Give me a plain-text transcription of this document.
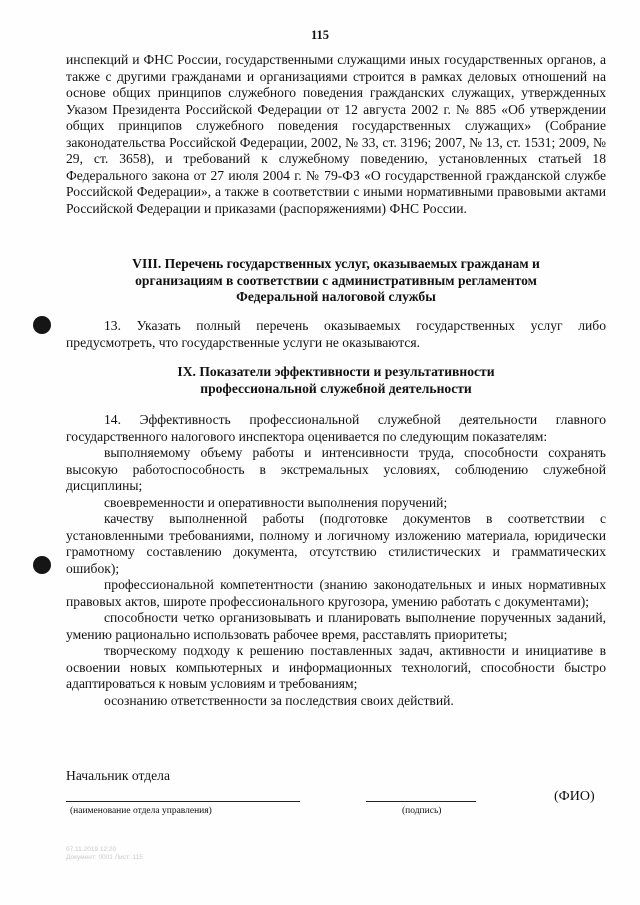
115

инспекций и ФНС России, государственными служащими иных государственных органов, а также с другими гражданами и организациями строится в рамках деловых отношений на основе общих принципов служебного поведения гражданских служащих, утвержденных Указом Президента Российской Федерации от 12 августа 2002 г. № 885 «Об утверждении общих принципов служебного поведения государственных служащих» (Собрание законодательства Российской Федерации, 2002, № 33, ст. 3196; 2007, № 13, ст. 1531; 2009, № 29, ст. 3658), и требований к служебному поведению, установленных статьей 18 Федерального закона от 27 июля 2004 г. № 79-ФЗ «О государственной гражданской службе Российской Федерации», а также в соответствии с иными нормативными правовыми актами Российской Федерации и приказами (распоряжениями) ФНС России.

VIII. Перечень государственных услуг, оказываемых гражданам и
организациям в соответствии с административным регламентом
Федеральной налоговой службы

13. Указать полный перечень оказываемых государственных услуг либо предусмотреть, что государственные услуги не оказываются.

IX. Показатели эффективности и результативности
профессиональной служебной деятельности

14. Эффективность профессиональной служебной деятельности главного государственного налогового инспектора оценивается по следующим показателям:

выполняемому объему работы и интенсивности труда, способности сохранять высокую работоспособность в экстремальных условиях, соблюдению служебной дисциплины;

своевременности и оперативности выполнения поручений;

качеству выполненной работы (подготовке документов в соответствии с установленными требованиями, полному и логичному изложению материала, юридически грамотному составлению документа, отсутствию стилистических и грамматических ошибок);

профессиональной компетентности (знанию законодательных и иных нормативных правовых актов, широте профессионального кругозора, умению работать с документами);

способности четко организовывать и планировать выполнение порученных заданий, умению рационально использовать рабочее время, расставлять приоритеты;

творческому подходу к решению поставленных задач, активности и инициативе в освоении новых компьютерных и информационных технологий, способности быстро адаптироваться к новым условиям и требованиям;

осознанию ответственности за последствия своих действий.

Начальник отдела
(наименование отдела управления)	(подпись)
(ФИО)
07.11.2019 12:20
Документ: 0001 Лист: 115
